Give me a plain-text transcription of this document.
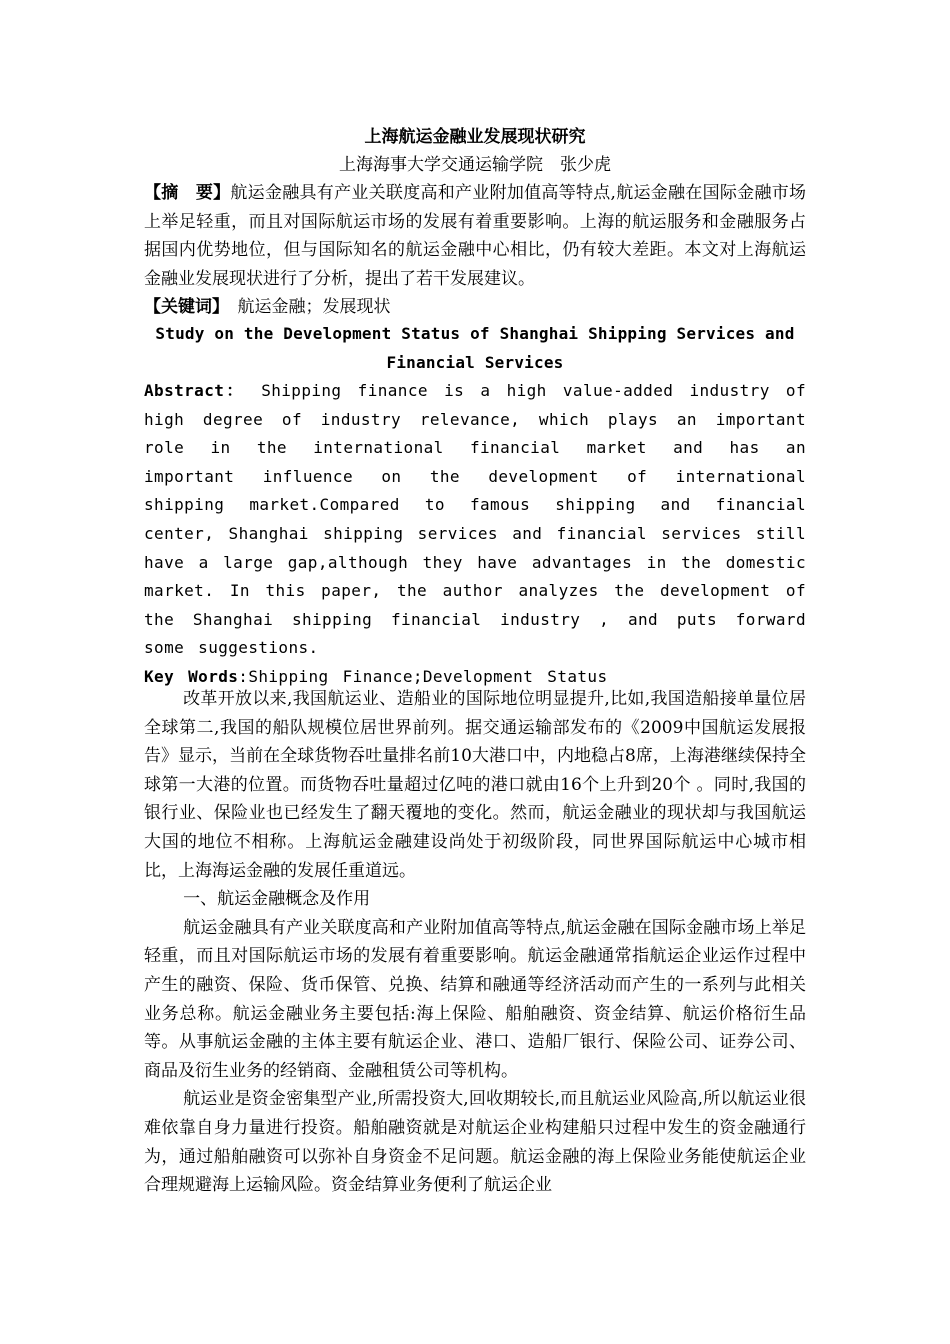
上海航运金融业发展现状研究
上海海事大学交通运输学院　张少虎

【摘　要】航运金融具有产业关联度高和产业附加值高等特点,航运金融在国际金融市场上举足轻重，而且对国际航运市场的发展有着重要影响。上海的航运服务和金融服务占据国内优势地位，但与国际知名的航运金融中心相比，仍有较大差距。本文对上海航运金融业发展现状进行了分析，提出了若干发展建议。

【关键词】　航运金融；发展现状

Study on the Development Status of Shanghai Shipping Services and Financial Services

Abstract： Shipping finance is a high value-added industry of high degree of industry relevance, which plays an important role in the international financial market and has an important influence on the development of international shipping market.Compared to famous shipping and financial center, Shanghai shipping services and financial services still have a large gap,although they have advantages in the domestic market. In this paper, the author analyzes the development of the Shanghai shipping financial industry , and puts forward some suggestions.

Key Words:Shipping Finance;Development Status

改革开放以来,我国航运业、造船业的国际地位明显提升,比如,我国造船接单量位居全球第二,我国的船队规模位居世界前列。据交通运输部发布的《2009中国航运发展报告》显示，当前在全球货物吞吐量排名前10大港口中，内地稳占8席，上海港继续保持全球第一大港的位置。而货物吞吐量超过亿吨的港口就由16个上升到20个 。同时,我国的银行业、保险业也已经发生了翻天覆地的变化。然而，航运金融业的现状却与我国航运大国的地位不相称。上海航运金融建设尚处于初级阶段，同世界国际航运中心城市相比，上海海运金融的发展任重道远。

一、航运金融概念及作用

航运金融具有产业关联度高和产业附加值高等特点,航运金融在国际金融市场上举足轻重，而且对国际航运市场的发展有着重要影响。航运金融通常指航运企业运作过程中产生的融资、保险、货币保管、兑换、结算和融通等经济活动而产生的一系列与此相关业务总称。航运金融业务主要包括:海上保险、船舶融资、资金结算、航运价格衍生品等。从事航运金融的主体主要有航运企业、港口、造船厂银行、保险公司、证券公司、商品及衍生业务的经销商、金融租赁公司等机构。

航运业是资金密集型产业,所需投资大,回收期较长,而且航运业风险高,所以航运业很难依靠自身力量进行投资。船舶融资就是对航运企业构建船只过程中发生的资金融通行为，通过船舶融资可以弥补自身资金不足问题。航运金融的海上保险业务能使航运企业合理规避海上运输风险。资金结算业务便利了航运企业
